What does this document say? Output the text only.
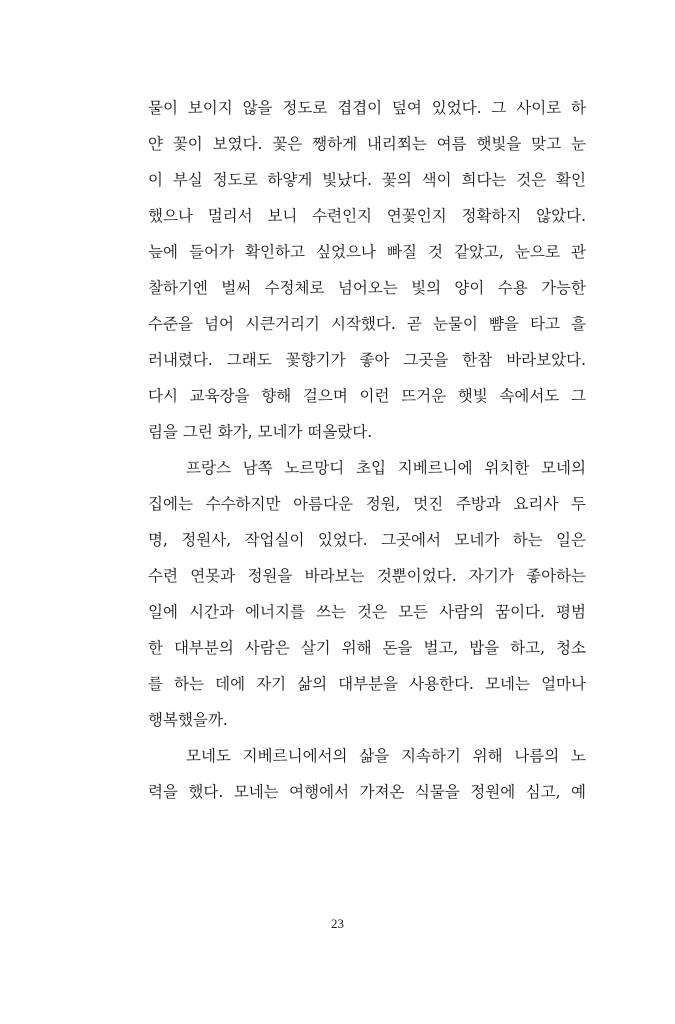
물이 보이지 않을 정도로 겹겹이 덮여 있었다. 그 사이로 하
얀 꽃이 보였다. 꽃은 쨍하게 내리쬐는 여름 햇빛을 맞고 눈
이 부실 정도로 하얗게 빛났다. 꽃의 색이 희다는 것은 확인
했으나 멀리서 보니 수련인지 연꽃인지 정확하지 않았다.
늪에 들어가 확인하고 싶었으나 빠질 것 같았고, 눈으로 관
찰하기엔 벌써 수정체로 넘어오는 빛의 양이 수용 가능한
수준을 넘어 시큰거리기 시작했다. 곧 눈물이 뺨을 타고 흘
러내렸다. 그래도 꽃향기가 좋아 그곳을 한참 바라보았다.
다시 교육장을 향해 걸으며 이런 뜨거운 햇빛 속에서도 그
림을 그린 화가, 모네가 떠올랐다.
프랑스 남쪽 노르망디 초입 지베르니에 위치한 모네의
집에는 수수하지만 아름다운 정원, 멋진 주방과 요리사 두
명, 정원사, 작업실이 있었다. 그곳에서 모네가 하는 일은
수련 연못과 정원을 바라보는 것뿐이었다. 자기가 좋아하는
일에 시간과 에너지를 쓰는 것은 모든 사람의 꿈이다. 평범
한 대부분의 사람은 살기 위해 돈을 벌고, 밥을 하고, 청소
를 하는 데에 자기 삶의 대부분을 사용한다. 모네는 얼마나
행복했을까.
모네도 지베르니에서의 삶을 지속하기 위해 나름의 노
력을 했다. 모네는 여행에서 가져온 식물을 정원에 심고, 예
23
